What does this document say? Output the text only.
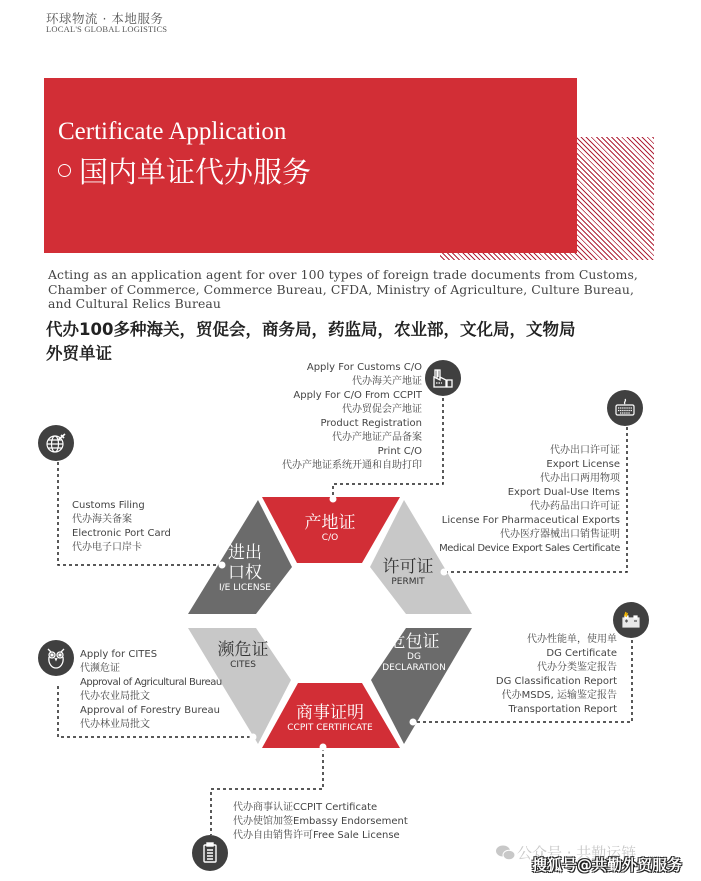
环球物流 · 本地服务
LOCAL'S GLOBAL LOGISTICS
Certificate Application
国内单证代办服务
Acting as an application agent for over 100 types of foreign trade documents from Customs, Chamber of Commerce, Commerce Bureau, CFDA, Ministry of Agriculture, Culture Bureau, and Cultural Relics Bureau
代办100多种海关，贸促会，商务局，药监局，农业部，文化局，文物局
外贸单证
产地证
C/O
许可证
PERMIT
危包证
DG
DECLARATION
商事证明
CCPIT CERTIFICATE
濒危证
CITES
进出
口权
I/E LICENSE
Apply For Customs C/O
代办海关产地证
Apply For C/O From CCPIT
代办贸促会产地证
Product Registration
代办产地证产品备案
Print C/O
代办产地证系统开通和自助打印
代办出口许可证
Export License
代办出口两用物项
Export Dual-Use Items
代办药品出口许可证
License For Pharmaceutical Exports
代办医疗器械出口销售证明
Medical Device Export Sales Certificate
Customs Filing
代办海关备案
Electronic Port Card
代办电子口岸卡
Apply for CITES
代濒危证
Approval of Agricultural Bureau
代办农业局批文
Approval of Forestry Bureau
代办林业局批文
代办性能单，使用单
DG Certificate
代办分类鉴定报告
DG Classification Report
代办MSDS, 运输鉴定报告
Transportation Report
代办商事认证CCPIT Certificate
代办使馆加签Embassy Endorsement
代办自由销售许可Free Sale License
公众号 · 共勤运链
搜狐号@共勤外贸服务
